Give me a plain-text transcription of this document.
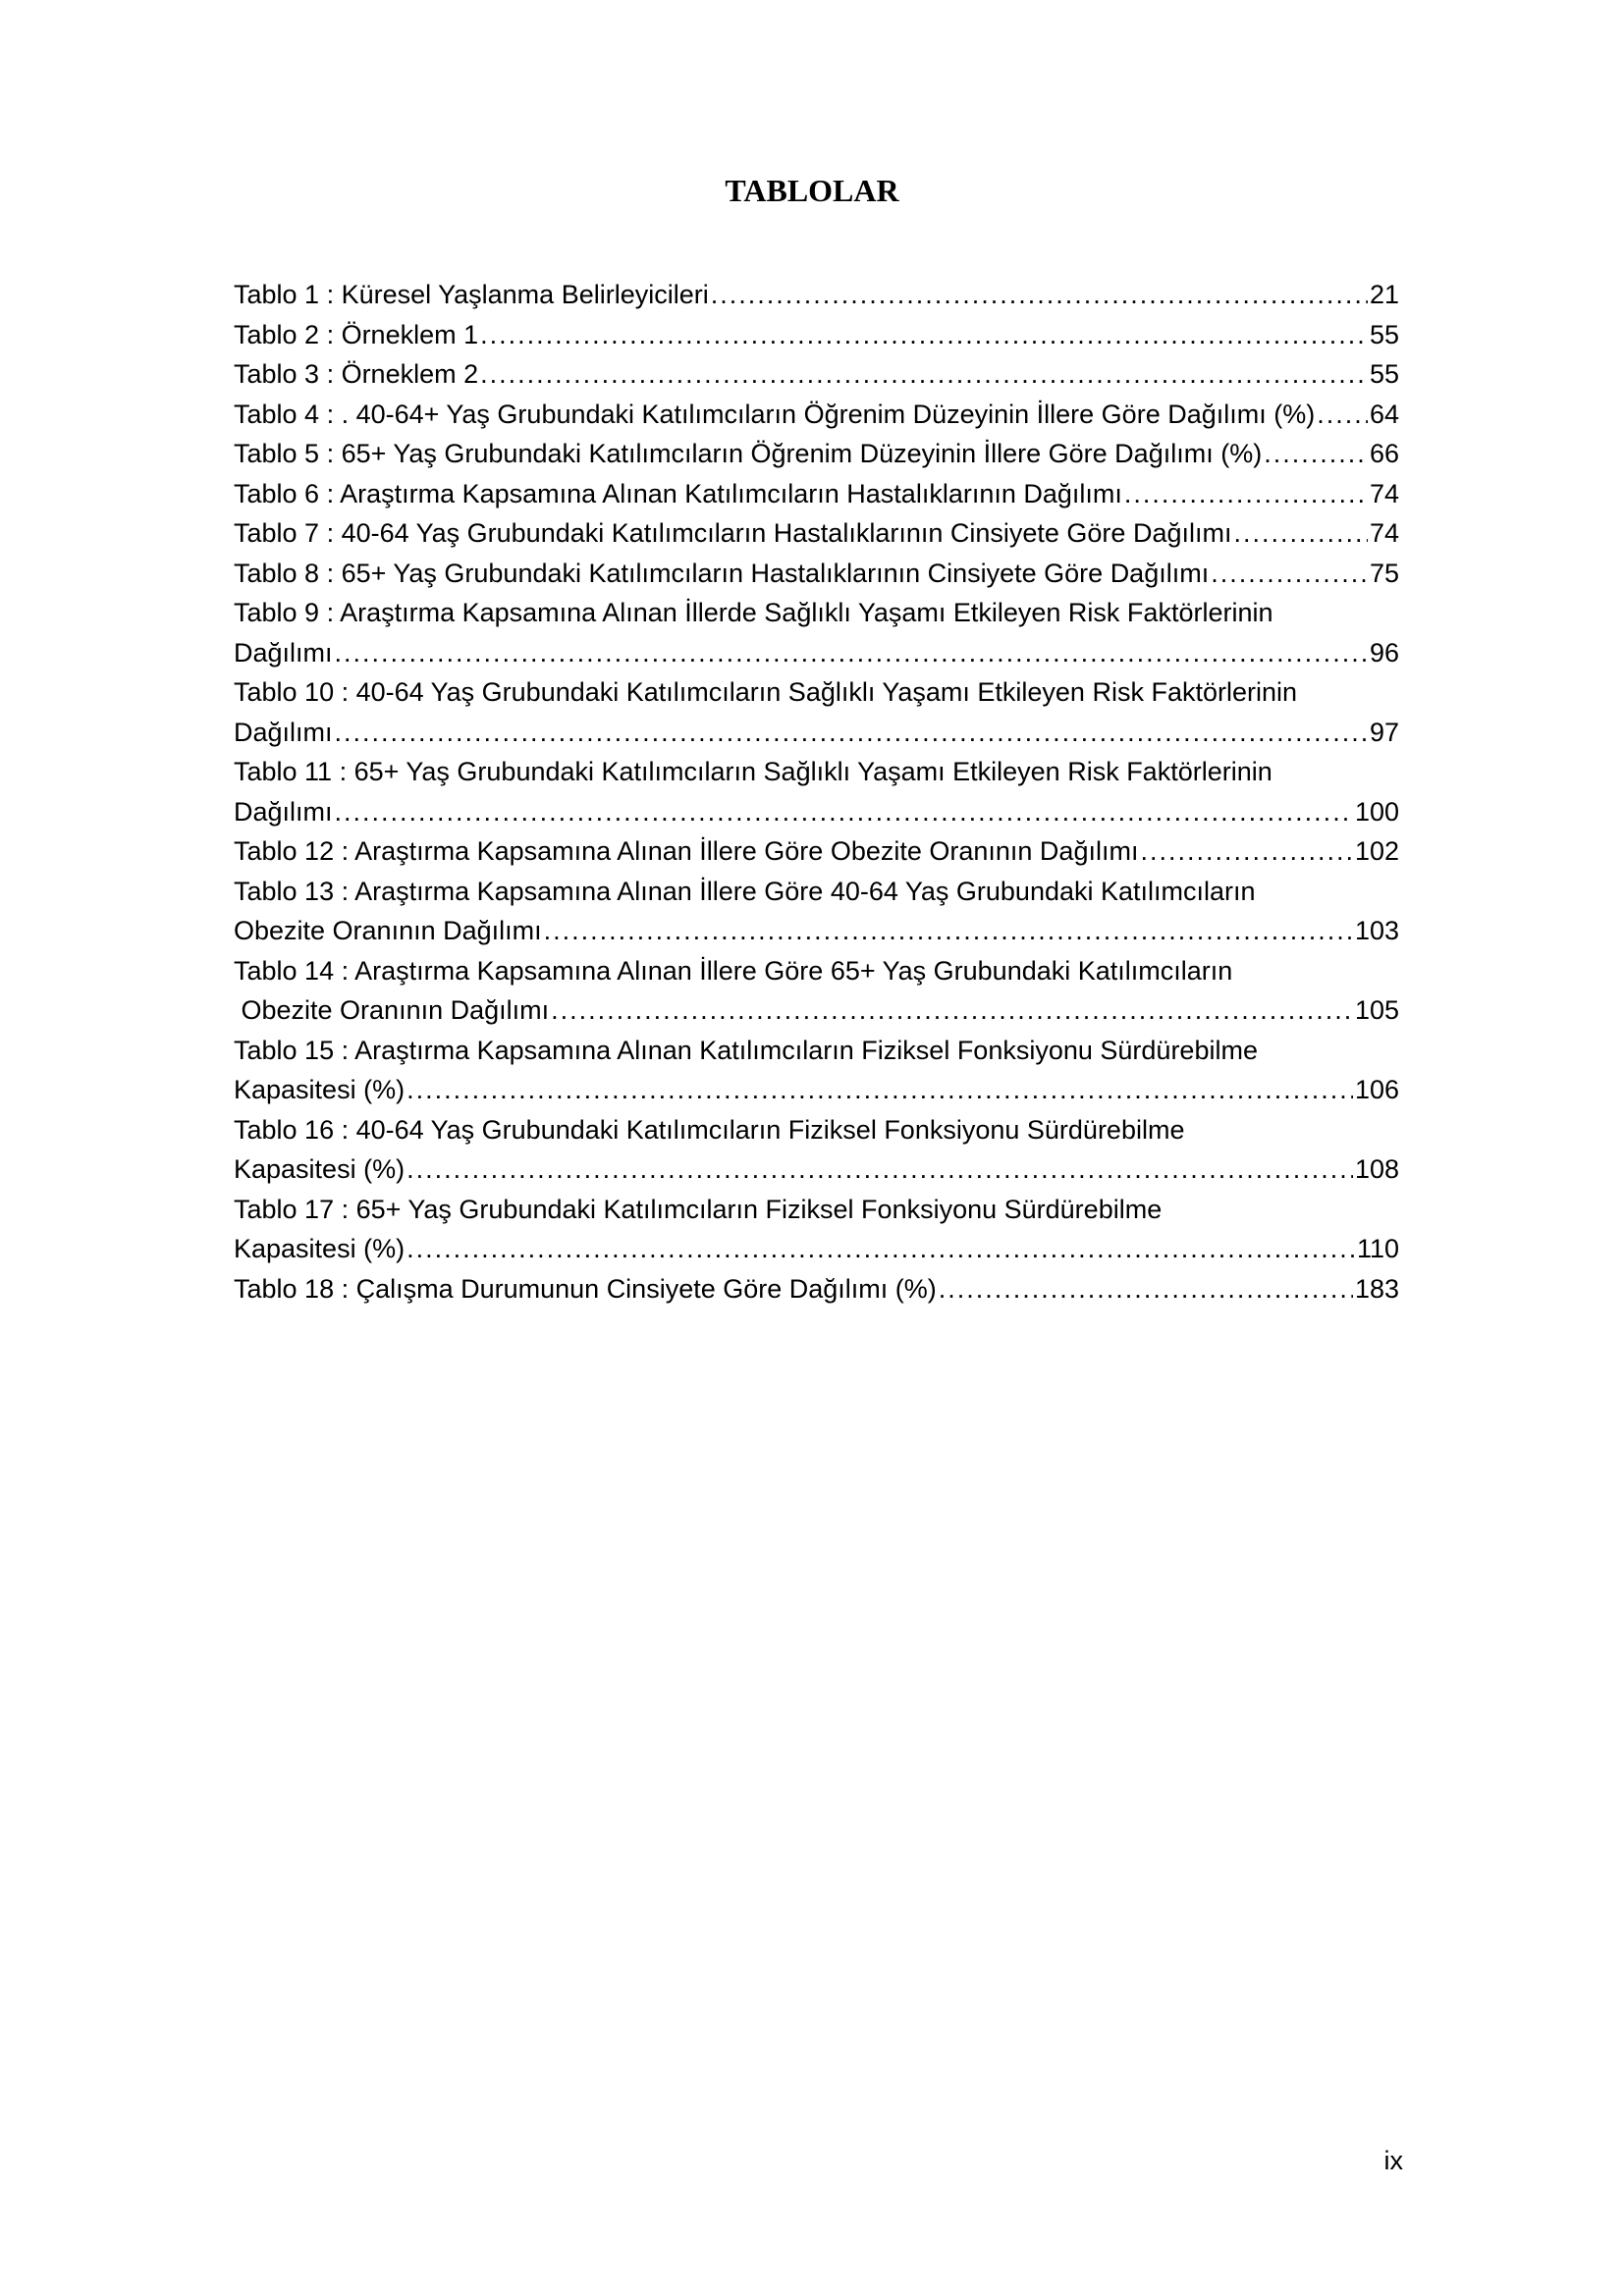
TABLOLAR
Tablo 1 : Küresel Yaşlanma Belirleyicileri .....	21
Tablo 2 : Örneklem 1 .....	55
Tablo 3 : Örneklem 2 .....	55
Tablo 4 : . 40-64+ Yaş Grubundaki Katılımcıların Öğrenim Düzeyinin İllere Göre Dağılımı (%) ..... 64
Tablo 5 : 65+ Yaş Grubundaki Katılımcıların Öğrenim Düzeyinin İllere Göre Dağılımı (%) .....	66
Tablo 6 : Araştırma Kapsamına Alınan Katılımcıların Hastalıklarının Dağılımı .....	74
Tablo 7 : 40-64 Yaş Grubundaki Katılımcıların Hastalıklarının Cinsiyete Göre Dağılımı .....	74
Tablo 8 : 65+ Yaş Grubundaki Katılımcıların Hastalıklarının Cinsiyete Göre Dağılımı .....	75
Tablo 9 : Araştırma Kapsamına Alınan İllerde Sağlıklı Yaşamı Etkileyen Risk Faktörlerinin
Dağılımı .....	96
Tablo 10 : 40-64 Yaş Grubundaki Katılımcıların Sağlıklı Yaşamı Etkileyen Risk Faktörlerinin
Dağılımı .....	97
Tablo 11 : 65+ Yaş Grubundaki Katılımcıların Sağlıklı Yaşamı Etkileyen Risk Faktörlerinin
Dağılımı .....	100
Tablo 12 : Araştırma Kapsamına Alınan İllere Göre Obezite Oranının Dağılımı .....	102
Tablo 13 : Araştırma Kapsamına Alınan İllere Göre 40-64 Yaş Grubundaki Katılımcıların
Obezite Oranının Dağılımı .....	103
Tablo 14 : Araştırma Kapsamına Alınan İllere Göre 65+ Yaş Grubundaki Katılımcıların
Obezite Oranının Dağılımı .....	105
Tablo 15 : Araştırma Kapsamına Alınan Katılımcıların Fiziksel Fonksiyonu Sürdürebilme
Kapasitesi (%) .....	106
Tablo 16 : 40-64 Yaş Grubundaki Katılımcıların Fiziksel Fonksiyonu Sürdürebilme
Kapasitesi (%) .....	108
Tablo 17 : 65+ Yaş Grubundaki Katılımcıların Fiziksel Fonksiyonu Sürdürebilme
Kapasitesi (%) .....	110
Tablo 18 : Çalışma Durumunun Cinsiyete Göre Dağılımı (%) .....	183
ix
